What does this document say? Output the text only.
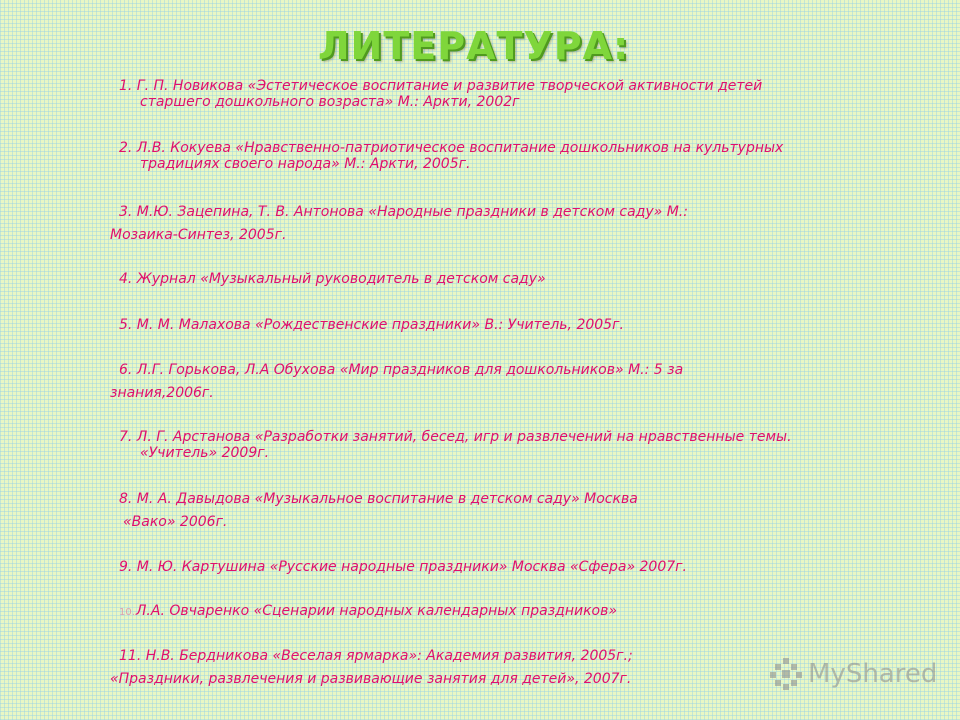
ЛИТЕРАТУРА:
1. Г. П. Новикова «Эстетическое воспитание и развитие творческой активности детей
старшего дошкольного возраста» М.: Аркти, 2002г
2. Л.В. Кокуева «Нравственно-патриотическое воспитание дошкольников на культурных
традициях своего народа» М.: Аркти, 2005г.
3. М.Ю. Зацепина, Т. В. Антонова «Народные праздники в детском саду» М.:
Мозаика-Синтез, 2005г.
4. Журнал «Музыкальный руководитель в детском саду»
5. М. М. Малахова «Рождественские праздники» В.: Учитель, 2005г.
6. Л.Г. Горькова, Л.А Обухова «Мир праздников для дошкольников» М.: 5 за
знания,2006г.
7. Л. Г. Арстанова «Разработки занятий, бесед, игр и развлечений на нравственные темы.
«Учитель» 2009г.
8. М. А. Давыдова «Музыкальное воспитание в детском саду» Москва
«Вако» 2006г.
9. М. Ю. Картушина «Русские народные праздники» Москва «Сфера» 2007г.
10.Л.А. Овчаренко «Сценарии народных календарных праздников»
11. Н.В. Бердникова «Веселая ярмарка»: Академия развития, 2005г.;
«Праздники, развлечения и развивающие занятия для детей», 2007г.	MyShared
